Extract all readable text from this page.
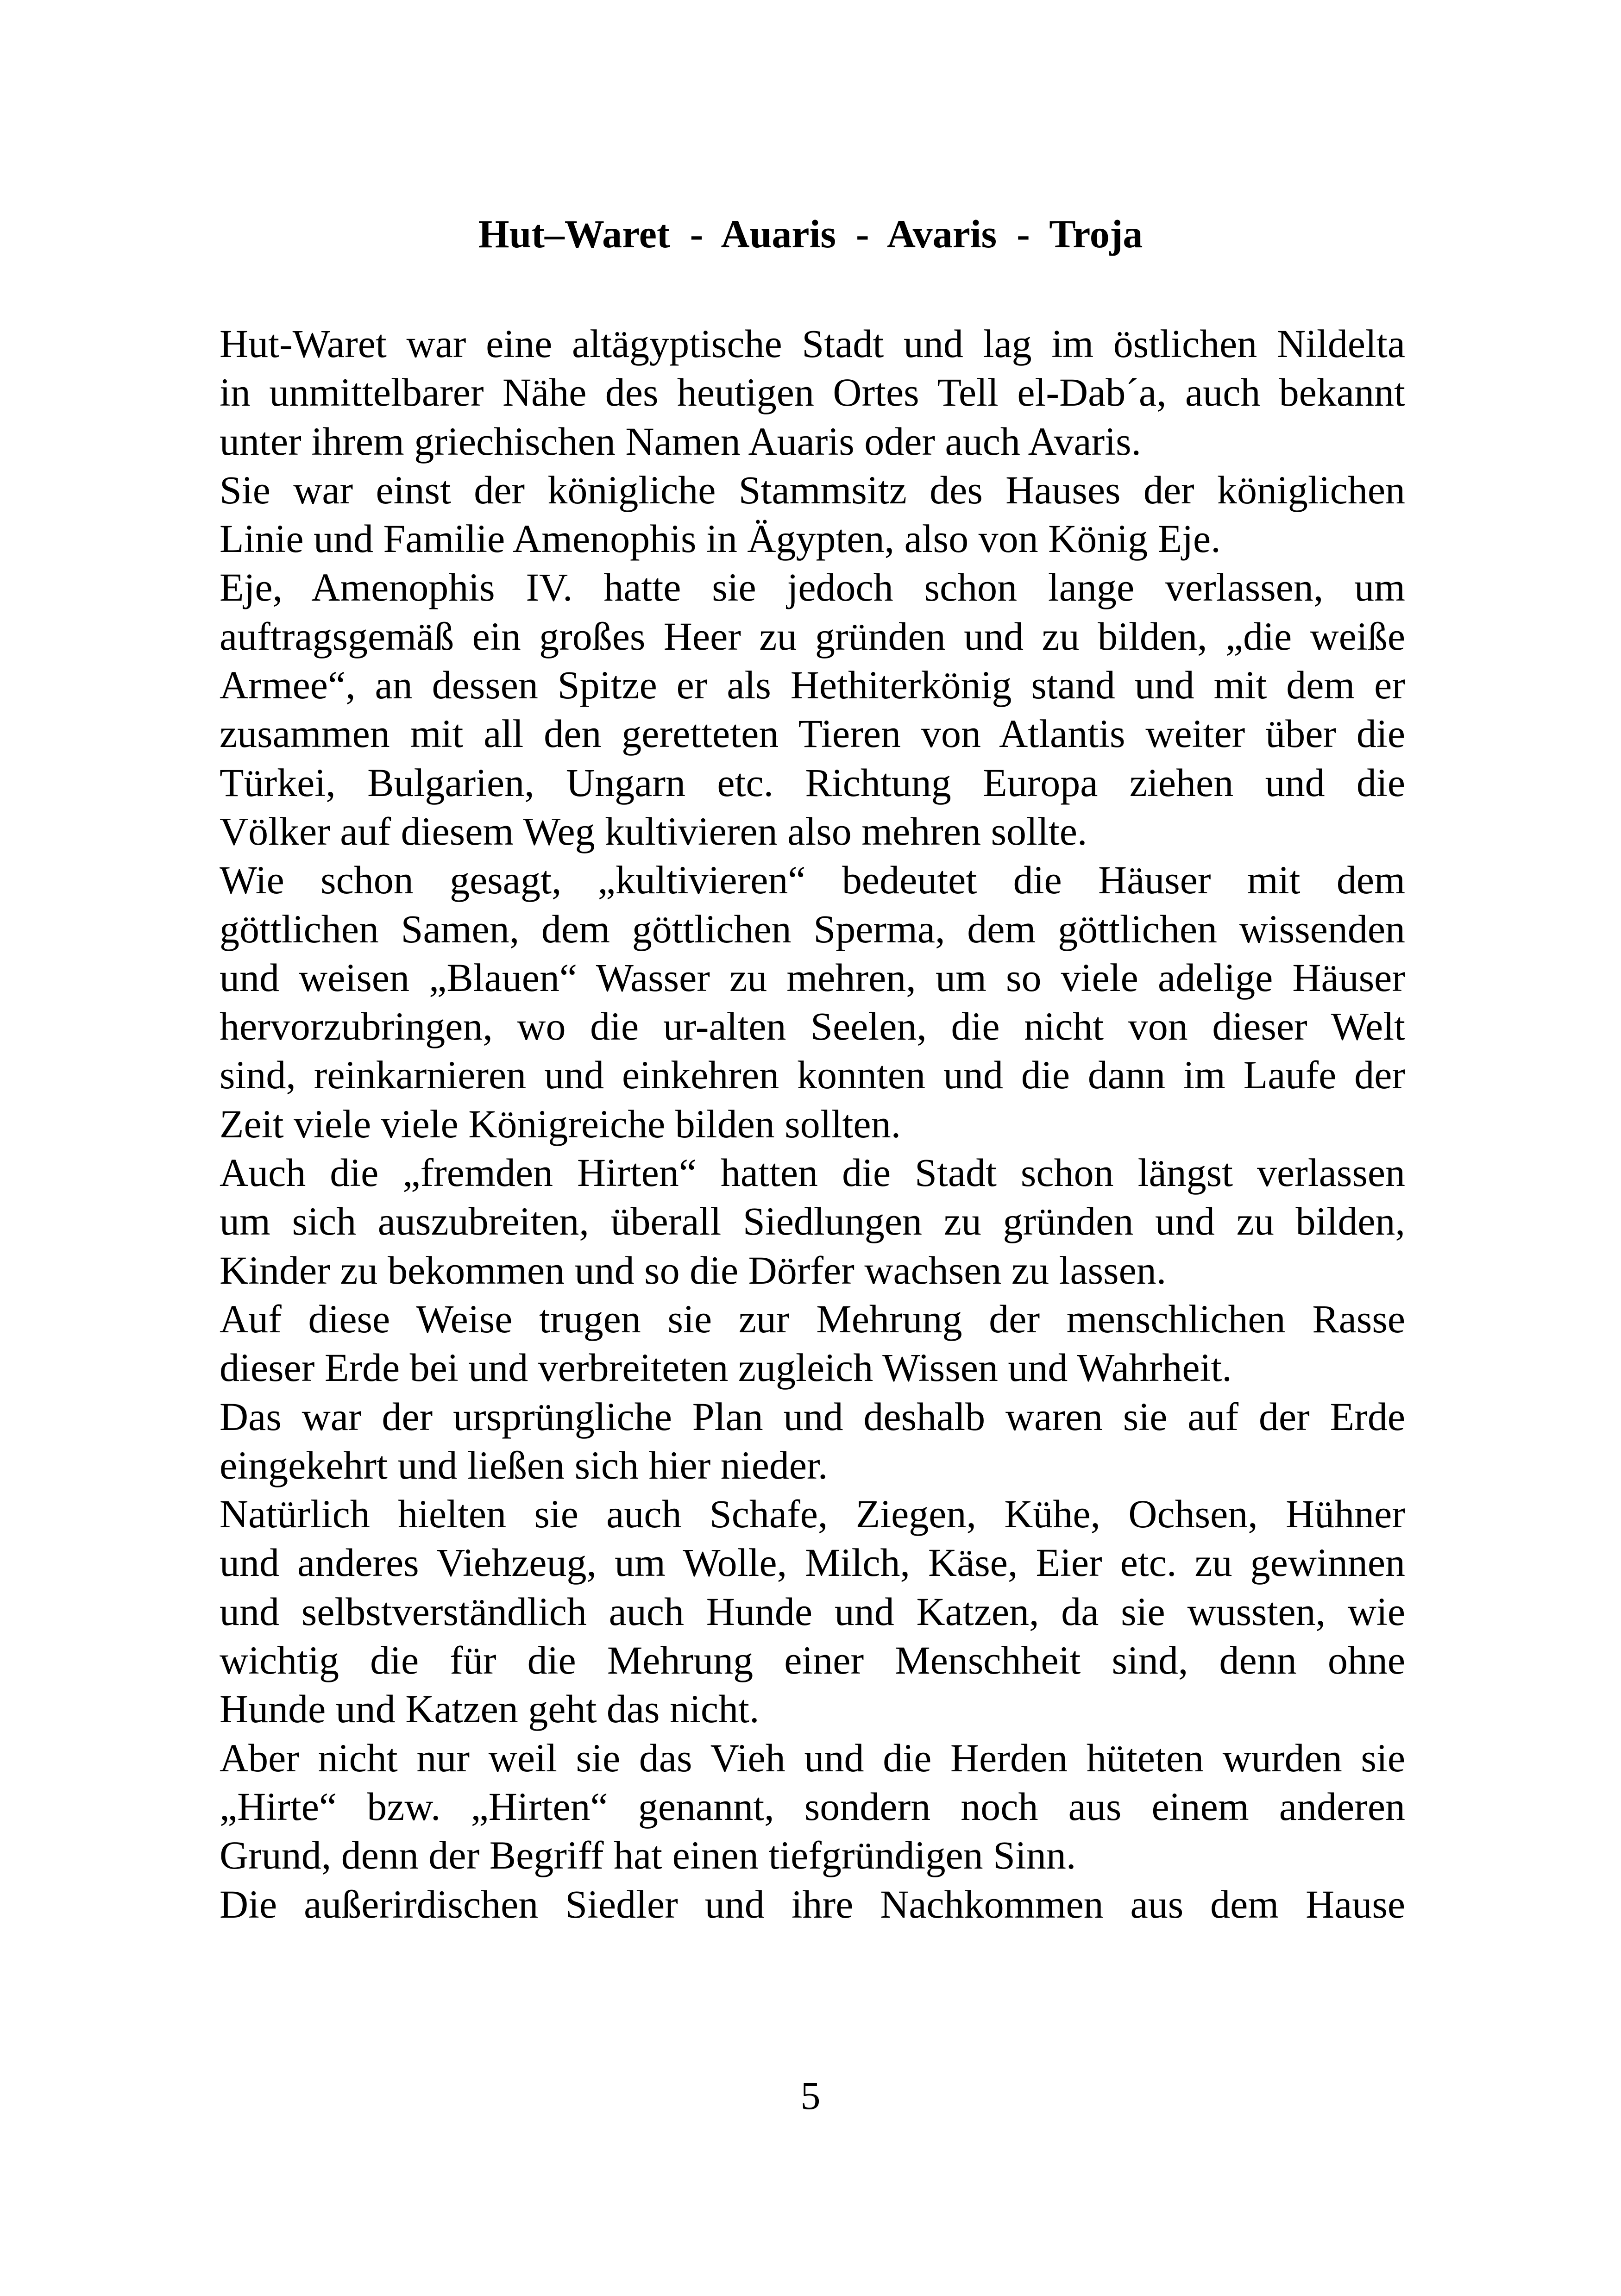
Hut–Waret  -  Auaris  -  Avaris  -  Troja
Hut-Waret war eine altägyptische Stadt und lag im östlichen Nildelta
in unmittelbarer Nähe des heutigen Ortes Tell el-Dab´a, auch bekannt
unter ihrem griechischen Namen Auaris oder auch Avaris.
Sie war einst der königliche Stammsitz des Hauses der königlichen
Linie und Familie Amenophis in Ägypten, also von König Eje.
Eje, Amenophis IV. hatte sie jedoch schon lange verlassen, um
auftragsgemäß ein großes Heer zu gründen und zu bilden, „die weiße
Armee“, an dessen Spitze er als Hethiterkönig stand und mit dem er
zusammen mit all den geretteten Tieren von Atlantis weiter über die
Türkei, Bulgarien, Ungarn etc. Richtung Europa ziehen und die
Völker auf diesem Weg kultivieren also mehren sollte.
Wie schon gesagt, „kultivieren“ bedeutet die Häuser mit dem
göttlichen Samen, dem göttlichen Sperma, dem göttlichen wissenden
und weisen „Blauen“ Wasser zu mehren, um so viele adelige Häuser
hervorzubringen, wo die ur-alten Seelen, die nicht von dieser Welt
sind, reinkarnieren und einkehren konnten und die dann im Laufe der
Zeit viele viele Königreiche bilden sollten.
Auch die „fremden Hirten“ hatten die Stadt schon längst verlassen
um sich auszubreiten, überall Siedlungen zu gründen und zu bilden,
Kinder zu bekommen und so die Dörfer wachsen zu lassen.
Auf diese Weise trugen sie zur Mehrung der menschlichen Rasse
dieser Erde bei und verbreiteten zugleich Wissen und Wahrheit.
Das war der ursprüngliche Plan und deshalb waren sie auf der Erde
eingekehrt und ließen sich hier nieder.
Natürlich hielten sie auch Schafe, Ziegen, Kühe, Ochsen, Hühner
und anderes Viehzeug, um Wolle, Milch, Käse, Eier etc. zu gewinnen
und selbstverständlich auch Hunde und Katzen, da sie wussten, wie
wichtig die für die Mehrung einer Menschheit sind, denn ohne
Hunde und Katzen geht das nicht.
Aber nicht nur weil sie das Vieh und die Herden hüteten wurden sie
„Hirte“ bzw. „Hirten“ genannt, sondern noch aus einem anderen
Grund, denn der Begriff hat einen tiefgründigen Sinn.
Die außerirdischen Siedler und ihre Nachkommen aus dem Hause
5
